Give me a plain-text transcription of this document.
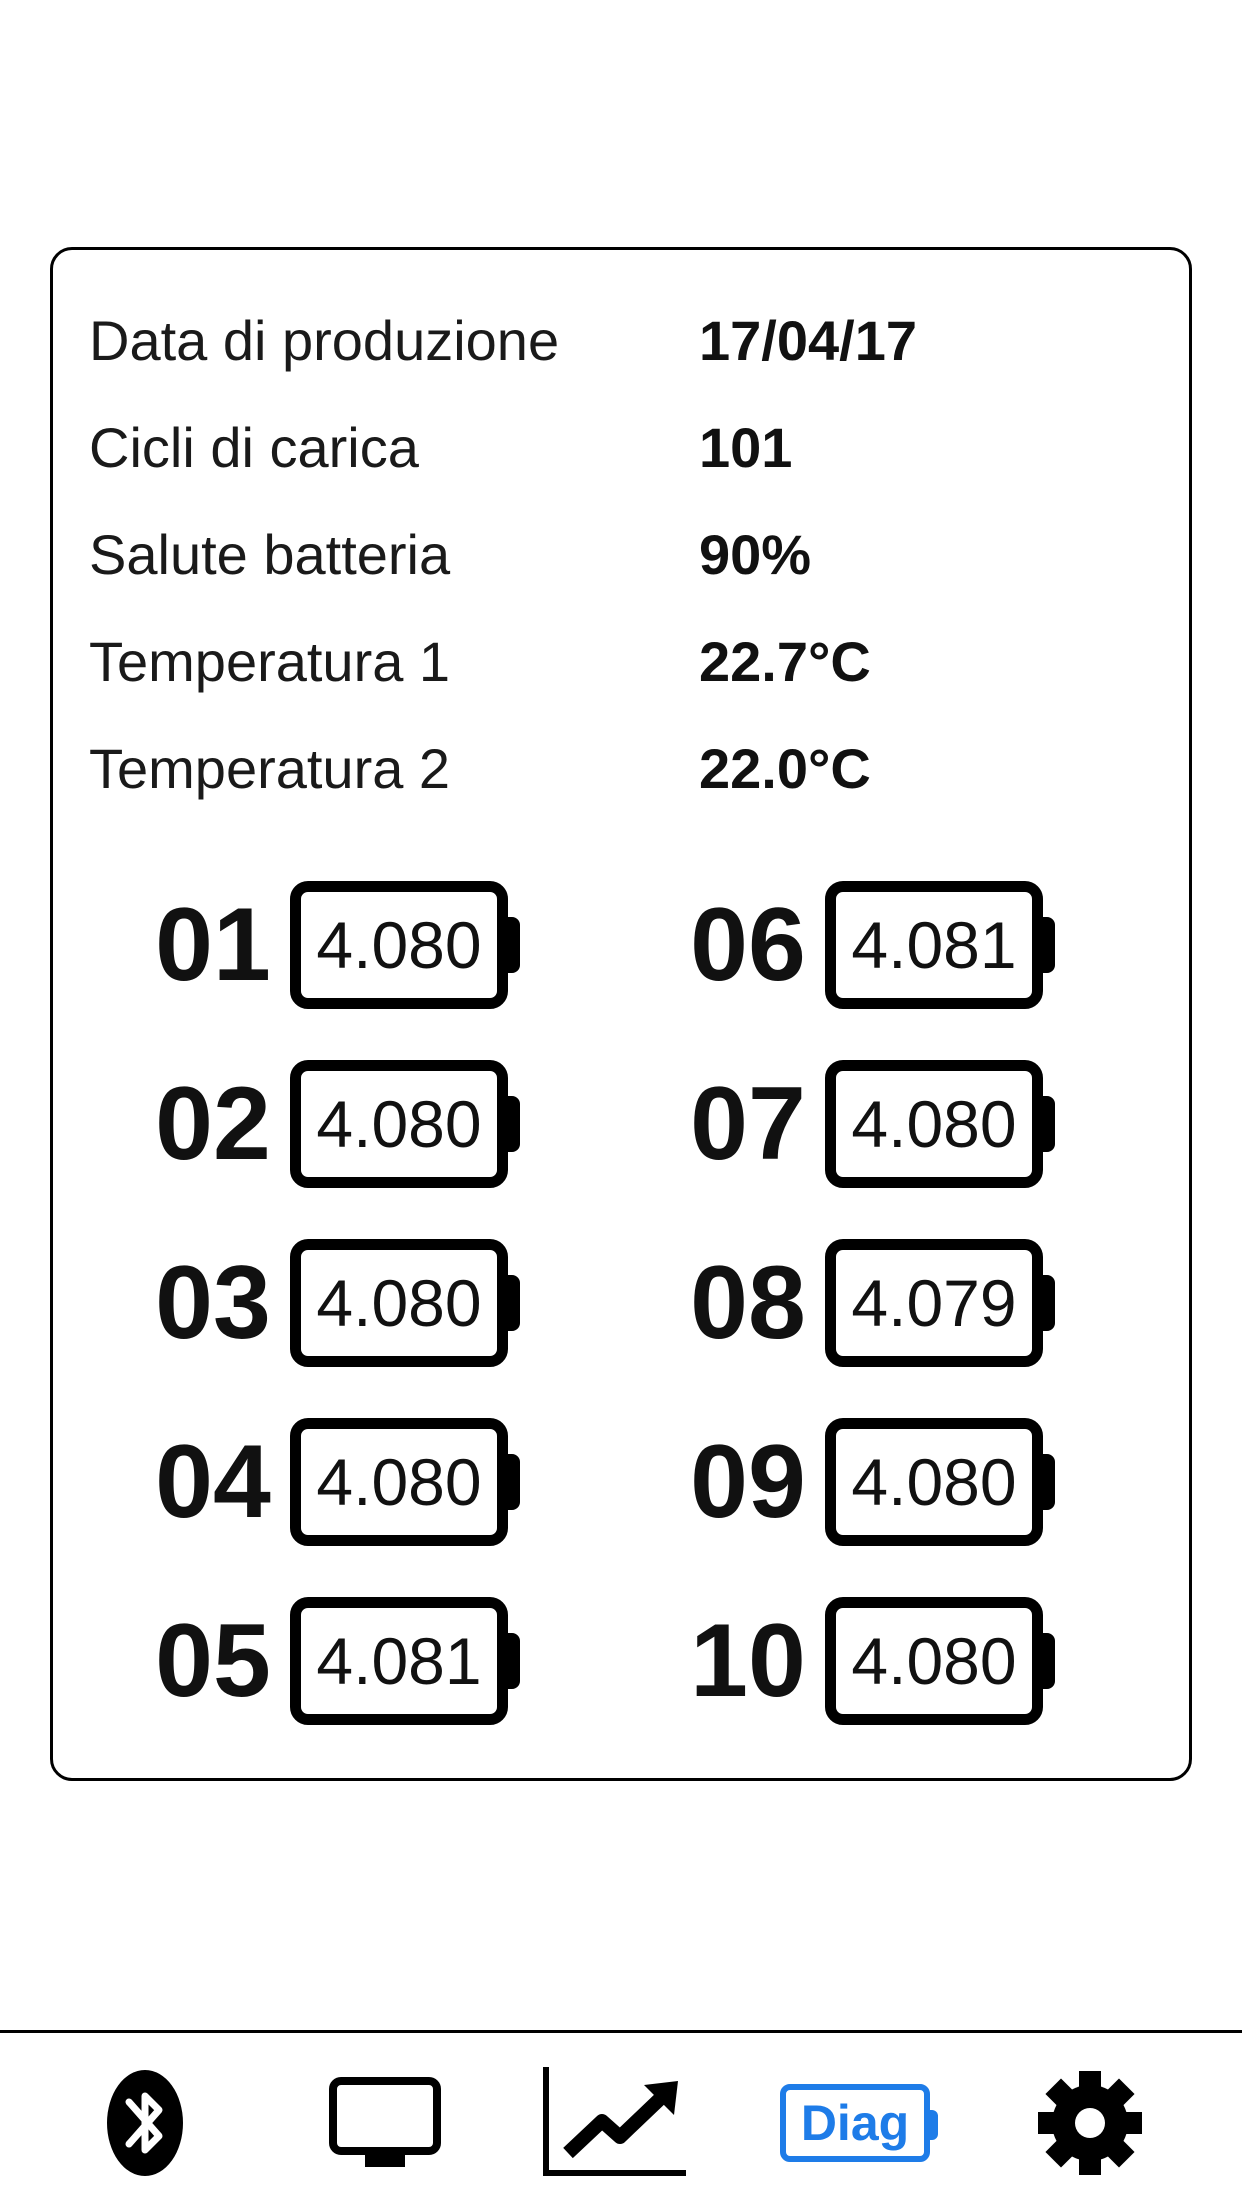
Data di produzione	17/04/17
Cicli di carica	101
Salute batteria	90%
Temperatura 1	22.7°C
Temperatura 2	22.0°C
01 4.080
02 4.080
03 4.080
04 4.080
05 4.081
06 4.081
07 4.080
08 4.079
09 4.080
10 4.080
Diag
